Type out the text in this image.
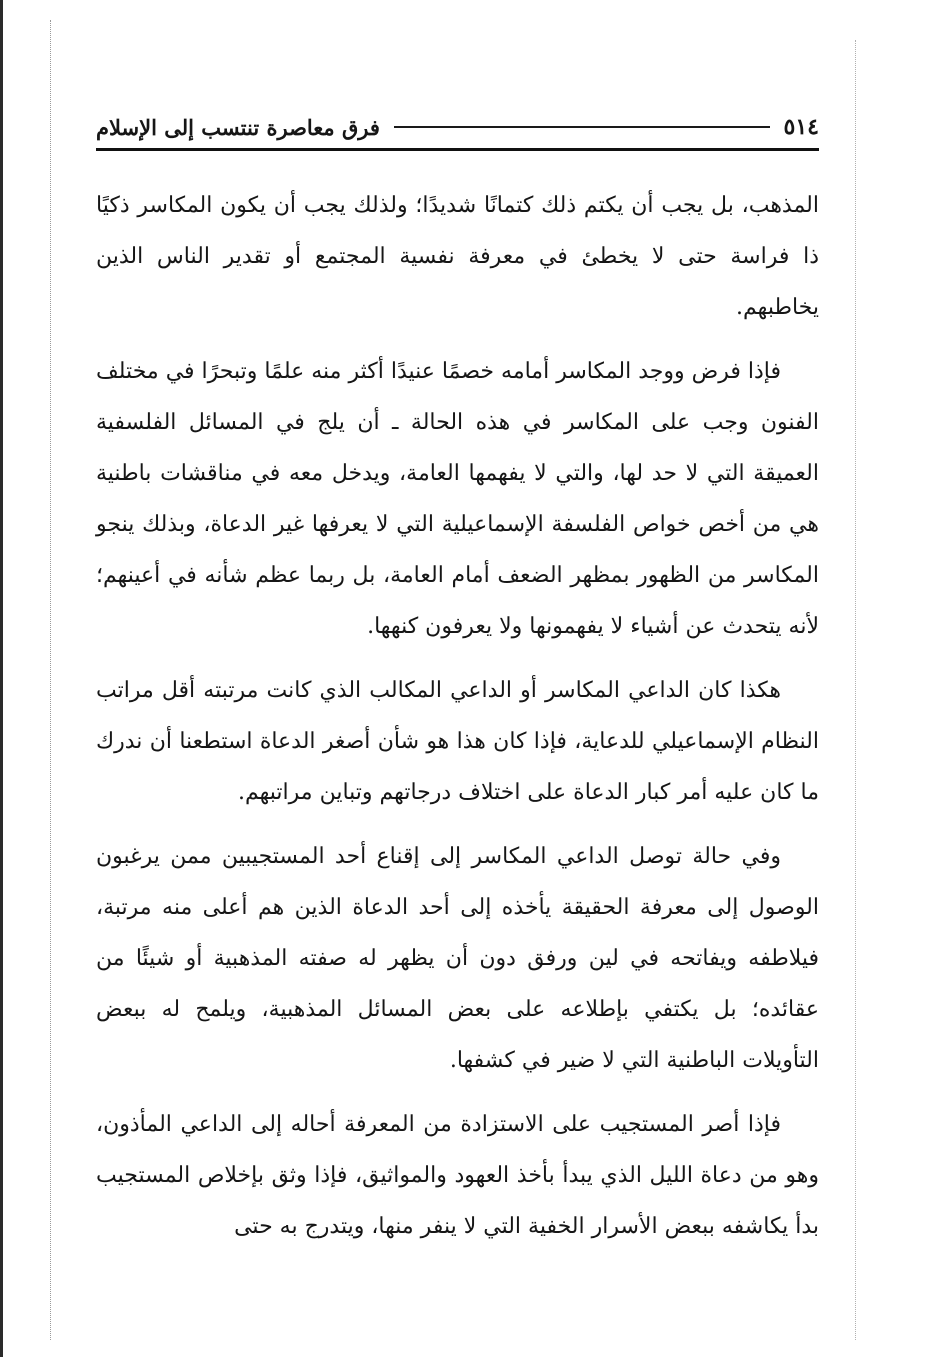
٥١٤
فرق معاصرة تنتسب إلى الإسلام

المذهب، بل يجب أن يكتم ذلك كتمانًا شديدًا؛ ولذلك يجب أن يكون المكاسر ذكيًا ذا فراسة حتى لا يخطئ في معرفة نفسية المجتمع أو تقدير الناس الذين يخاطبهم.

فإذا فرض ووجد المكاسر أمامه خصمًا عنيدًا أكثر منه علمًا وتبحرًا في مختلف الفنون وجب على المكاسر في هذه الحالة ـ أن يلج في المسائل الفلسفية العميقة التي لا حد لها، والتي لا يفهمها العامة، ويدخل معه في مناقشات باطنية هي من أخص خواص الفلسفة الإسماعيلية التي لا يعرفها غير الدعاة، وبذلك ينجو المكاسر من الظهور بمظهر الضعف أمام العامة، بل ربما عظم شأنه في أعينهم؛ لأنه يتحدث عن أشياء لا يفهمونها ولا يعرفون كنهها.

هكذا كان الداعي المكاسر أو الداعي المكالب الذي كانت مرتبته أقل مراتب النظام الإسماعيلي للدعاية، فإذا كان هذا هو شأن أصغر الدعاة استطعنا أن ندرك ما كان عليه أمر كبار الدعاة على اختلاف درجاتهم وتباين مراتبهم.

وفي حالة توصل الداعي المكاسر إلى إقناع أحد المستجيبين ممن يرغبون الوصول إلى معرفة الحقيقة يأخذه إلى أحد الدعاة الذين هم أعلى منه مرتبة، فيلاطفه ويفاتحه في لين ورفق دون أن يظهر له صفته المذهبية أو شيئًا من عقائده؛ بل يكتفي بإطلاعه على بعض المسائل المذهبية، ويلمح له ببعض التأويلات الباطنية التي لا ضير في كشفها.

فإذا أصر المستجيب على الاستزادة من المعرفة أحاله إلى الداعي المأذون، وهو من دعاة الليل الذي يبدأ بأخذ العهود والمواثيق، فإذا وثق بإخلاص المستجيب بدأ يكاشفه ببعض الأسرار الخفية التي لا ينفر منها، ويتدرج به حتى
